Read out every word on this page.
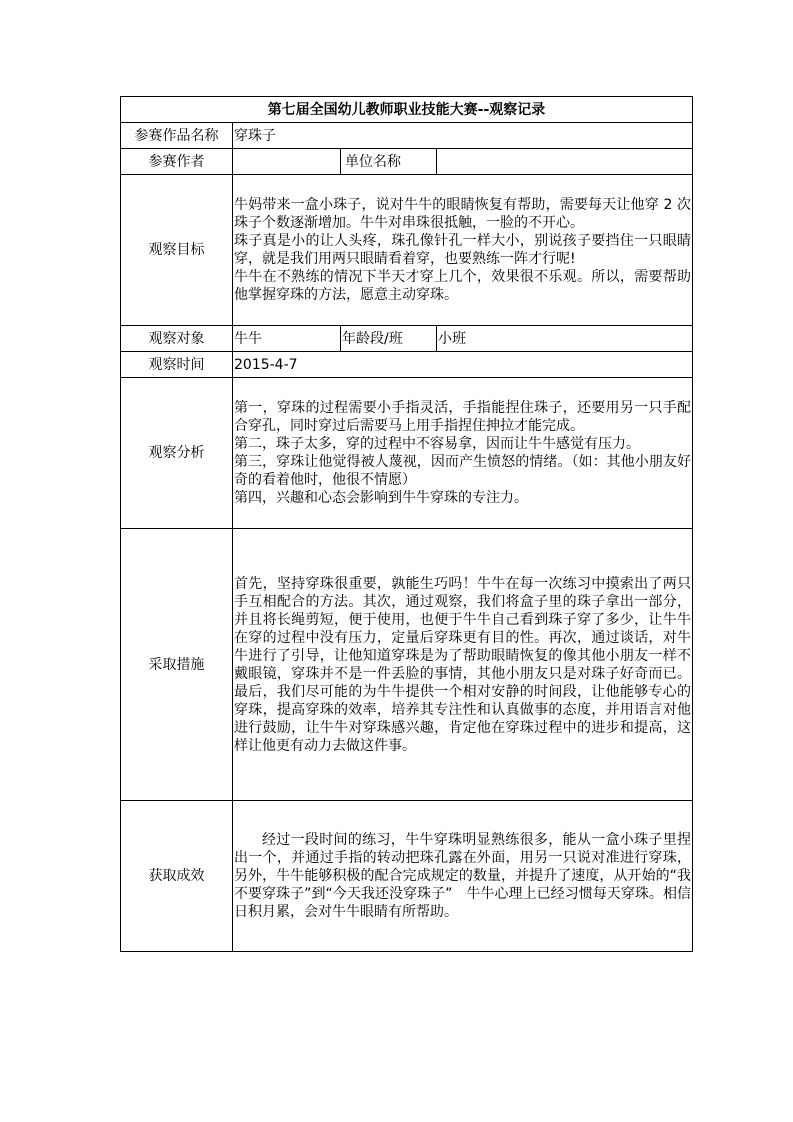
第七届全国幼儿教师职业技能大赛--观察记录			
参赛作品名称	穿珠子		
参赛作者		单位名称	
观察目标	牛妈带来一盒小珠子，说对牛牛的眼睛恢复有帮助，需要每天让他穿 2 次珠子个数逐渐增加。牛牛对串珠很抵触，一脸的不开心。
珠子真是小的让人头疼，珠孔像针孔一样大小，别说孩子要挡住一只眼睛穿，就是我们用两只眼睛看着穿，也要熟练一阵才行呢!
牛牛在不熟练的情况下半天才穿上几个，效果很不乐观。所以，需要帮助他掌握穿珠的方法，愿意主动穿珠。		

观察对象	牛牛	年龄段/班	小班
观察时间	2015-4-7		
观察分析	第一，穿珠的过程需要小手指灵活，手指能捏住珠子，还要用另一只手配合穿孔，同时穿过后需要马上用手指捏住抻拉才能完成。
第二，珠子太多，穿的过程中不容易拿，因而让牛牛感觉有压力。
第三，穿珠让他觉得被人蔑视，因而产生愤怒的情绪。（如：其他小朋友好奇的看着他时，他很不情愿）
第四，兴趣和心态会影响到牛牛穿珠的专注力。		

采取措施	首先，坚持穿珠很重要，孰能生巧吗！牛牛在每一次练习中摸索出了两只手互相配合的方法。其次，通过观察，我们将盒子里的珠子拿出一部分，并且将长绳剪短，便于使用，也便于牛牛自己看到珠子穿了多少，让牛牛在穿的过程中没有压力，定量后穿珠更有目的性。再次，通过谈话，对牛牛进行了引导，让他知道穿珠是为了帮助眼睛恢复的像其他小朋友一样不戴眼镜，穿珠并不是一件丢脸的事情，其他小朋友只是对珠子好奇而已。最后，我们尽可能的为牛牛提供一个相对安静的时间段，让他能够专心的穿珠，提高穿珠的效率，培养其专注性和认真做事的态度，并用语言对他进行鼓励，让牛牛对穿珠感兴趣，肯定他在穿珠过程中的进步和提高，这样让他更有动力去做这件事。		

获取成效	经过一段时间的练习，牛牛穿珠明显熟练很多，能从一盒小珠子里捏出一个，并通过手指的转动把珠孔露在外面，用另一只说对准进行穿珠，另外，牛牛能够积极的配合完成规定的数量，并提升了速度，从开始的“我不要穿珠子”到“今天我还没穿珠子”　牛牛心理上已经习惯每天穿珠。相信日积月累，会对牛牛眼睛有所帮助。		
